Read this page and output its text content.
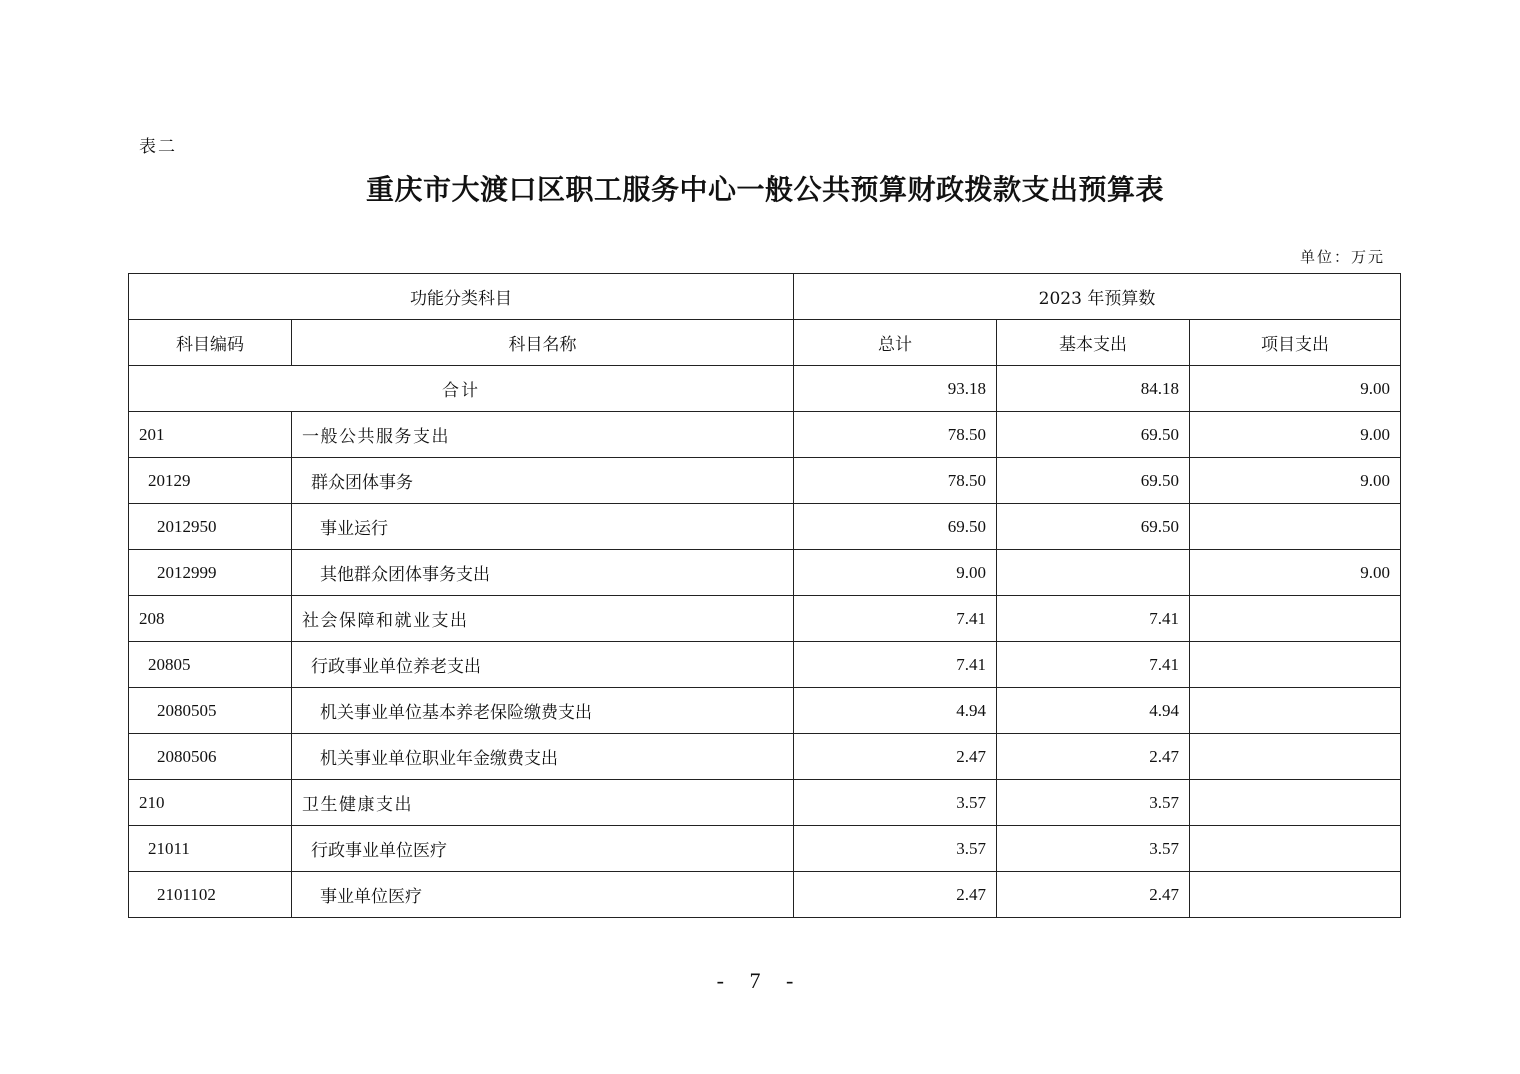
表二
重庆市大渡口区职工服务中心一般公共预算财政拨款支出预算表
单位：万元
功能分类科目		2023 年预算数		
科目编码	科目名称	总计	基本支出	项目支出
合计		93.18	84.18	9.00
201	一般公共服务支出	78.50	69.50	9.00
20129	群众团体事务	78.50	69.50	9.00
2012950	事业运行	69.50	69.50	
2012999	其他群众团体事务支出	9.00		9.00
208	社会保障和就业支出	7.41	7.41	
20805	行政事业单位养老支出	7.41	7.41	
2080505	机关事业单位基本养老保险缴费支出	4.94	4.94	
2080506	机关事业单位职业年金缴费支出	2.47	2.47	
210	卫生健康支出	3.57	3.57	
21011	行政事业单位医疗	3.57	3.57	
2101102	事业单位医疗	2.47	2.47	
- 7 -
